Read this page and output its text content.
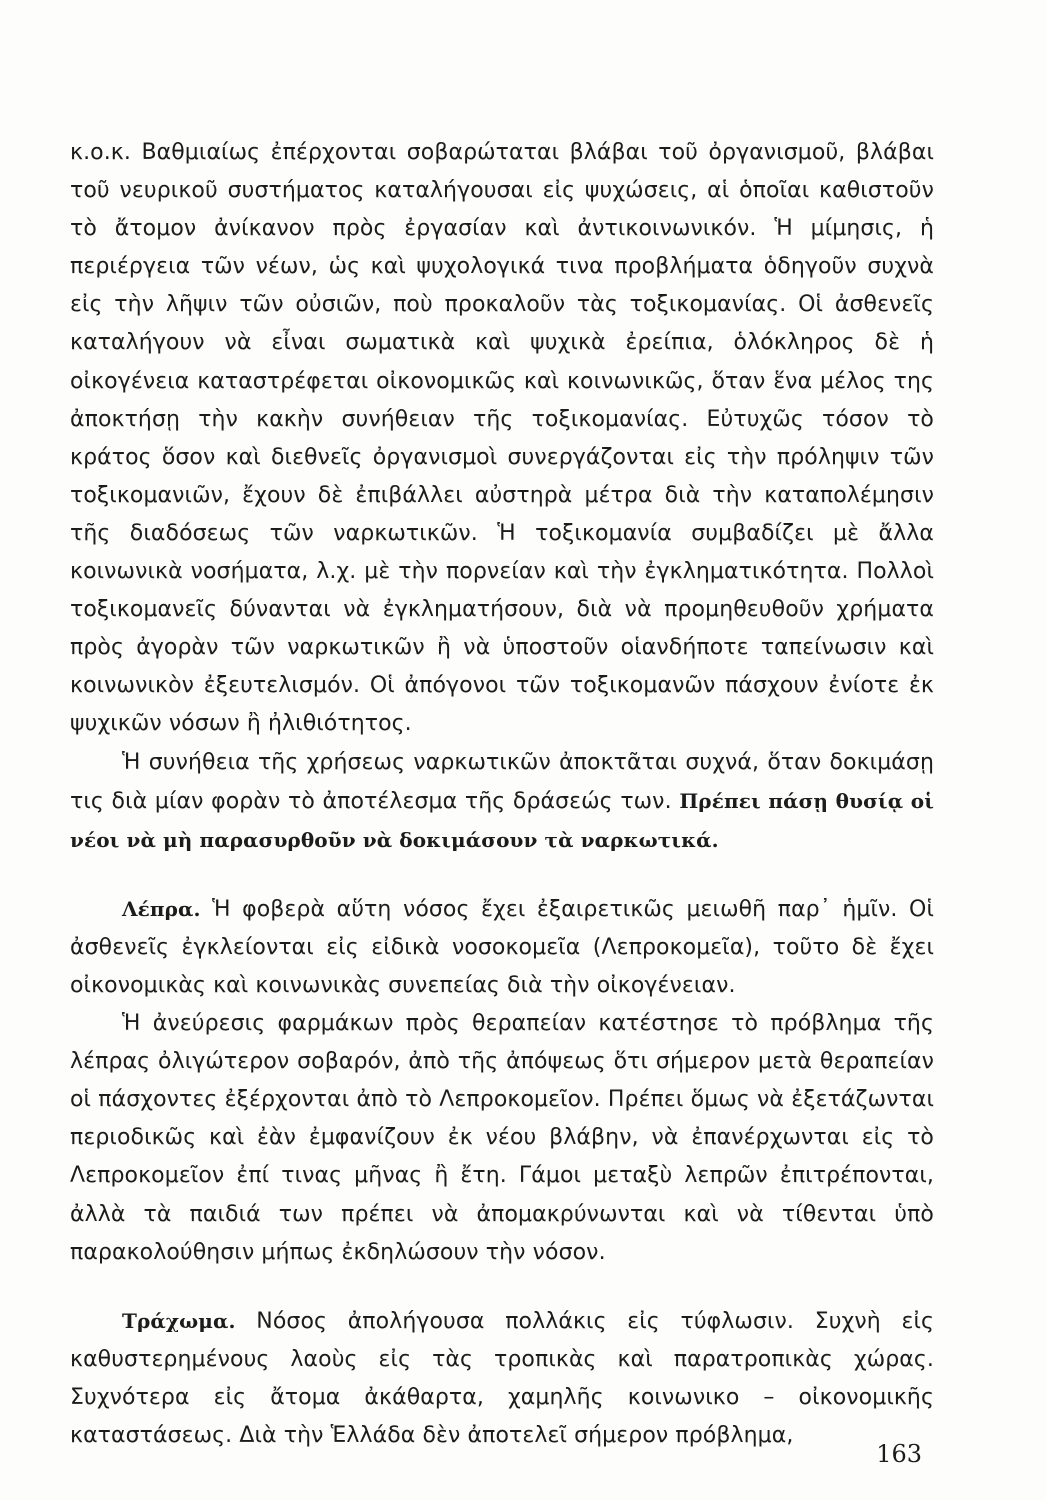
κ.ο.κ. Βαθμιαίως ἐπέρχονται σοβαρώταται βλάβαι τοῦ ὀργανισμοῦ, βλάβαι τοῦ νευρικοῦ συστήματος καταλήγουσαι εἰς ψυχώσεις, αἱ ὁποῖαι καθιστοῦν τὸ ἄτομον ἀνίκανον πρὸς ἐργασίαν καὶ ἀντικοινωνικόν. Ἡ μίμησις, ἡ περιέργεια τῶν νέων, ὡς καὶ ψυχολογικά τινα προβλήματα ὁδηγοῦν συχνὰ εἰς τὴν λῆψιν τῶν οὐσιῶν, ποὺ προκαλοῦν τὰς τοξικομανίας. Οἱ ἀσθενεῖς καταλήγουν νὰ εἶναι σωματικὰ καὶ ψυχικὰ ἐρείπια, ὁλόκληρος δὲ ἡ οἰκογένεια καταστρέφεται οἰκονομικῶς καὶ κοινωνικῶς, ὅταν ἕνα μέλος της ἀποκτήσῃ τὴν κακὴν συνήθειαν τῆς τοξικομανίας. Εὐτυχῶς τόσον τὸ κράτος ὅσον καὶ διεθνεῖς ὀργανισμοὶ συνεργάζονται εἰς τὴν πρόληψιν τῶν τοξικομανιῶν, ἔχουν δὲ ἐπιβάλλει αὐστηρὰ μέτρα διὰ τὴν καταπολέμησιν τῆς διαδόσεως τῶν ναρκωτικῶν. Ἡ τοξικομανία συμβαδίζει μὲ ἄλλα κοινωνικὰ νοσήματα, λ.χ. μὲ τὴν πορνείαν καὶ τὴν ἐγκληματικότητα. Πολλοὶ τοξικομανεῖς δύνανται νὰ ἐγκληματήσουν, διὰ νὰ προμηθευθοῦν χρήματα πρὸς ἀγορὰν τῶν ναρκωτικῶν ἢ νὰ ὑποστοῦν οἱανδήποτε ταπείνωσιν καὶ κοινωνικὸν ἐξευτελισμόν. Οἱ ἀπόγονοι τῶν τοξικομανῶν πάσχουν ἐνίοτε ἐκ ψυχικῶν νόσων ἢ ἠλιθιότητος.

Ἡ συνήθεια τῆς χρήσεως ναρκωτικῶν ἀποκτᾶται συχνά, ὅταν δοκιμάσῃ τις διὰ μίαν φορὰν τὸ ἀποτέλεσμα τῆς δράσεώς των. Πρέπει πάσῃ θυσίᾳ οἱ νέοι νὰ μὴ παρασυρθοῦν νὰ δοκιμάσουν τὰ ναρκωτικά.

Λέπρα. Ἡ φοβερὰ αὕτη νόσος ἔχει ἐξαιρετικῶς μειωθῆ παρ᾽ ἡμῖν. Οἱ ἀσθενεῖς ἐγκλείονται εἰς εἰδικὰ νοσοκομεῖα (Λεπροκομεῖα), τοῦτο δὲ ἔχει οἰκονομικὰς καὶ κοινωνικὰς συνεπείας διὰ τὴν οἰκογένειαν.

Ἡ ἀνεύρεσις φαρμάκων πρὸς θεραπείαν κατέστησε τὸ πρόβλημα τῆς λέπρας ὀλιγώτερον σοβαρόν, ἀπὸ τῆς ἀπόψεως ὅτι σήμερον μετὰ θεραπείαν οἱ πάσχοντες ἐξέρχονται ἀπὸ τὸ Λεπροκομεῖον. Πρέπει ὅμως νὰ ἐξετάζωνται περιοδικῶς καὶ ἐὰν ἐμφανίζουν ἐκ νέου βλάβην, νὰ ἐπανέρχωνται εἰς τὸ Λεπροκομεῖον ἐπί τινας μῆνας ἢ ἔτη. Γάμοι μεταξὺ λεπρῶν ἐπιτρέπονται, ἀλλὰ τὰ παιδιά των πρέπει νὰ ἀπομακρύνωνται καὶ νὰ τίθενται ὑπὸ παρακολούθησιν μήπως ἐκδηλώσουν τὴν νόσον.

Τράχωμα. Νόσος ἀπολήγουσα πολλάκις εἰς τύφλωσιν. Συχνὴ εἰς καθυστερημένους λαοὺς εἰς τὰς τροπικὰς καὶ παρατροπικὰς χώρας. Συχνότερα εἰς ἄτομα ἀκάθαρτα, χαμηλῆς κοινωνικο – οἰκονομικῆς καταστάσεως. Διὰ τὴν Ἑλλάδα δὲν ἀποτελεῖ σήμερον πρόβλημα,

163
